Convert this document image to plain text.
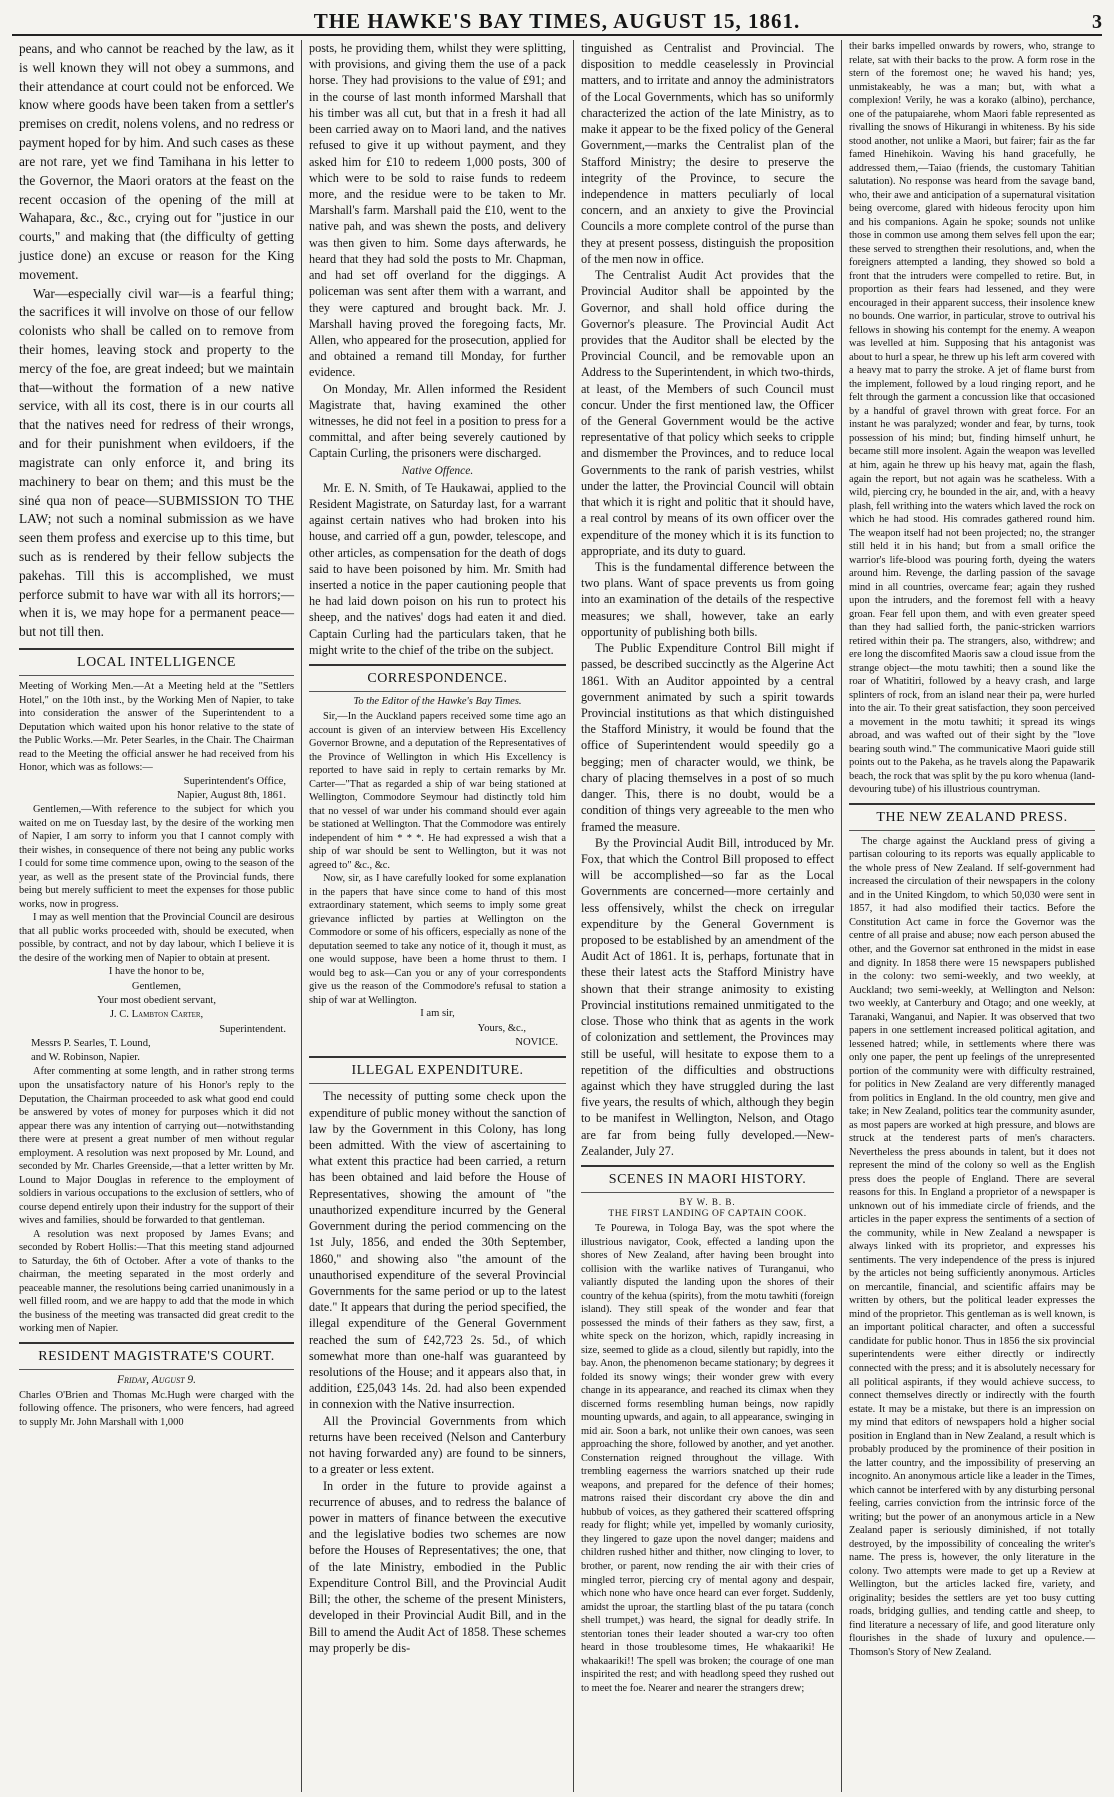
THE HAWKE'S BAY TIMES, AUGUST 15, 1861.	3

peans, and who cannot be reached by the law, as it is well known they will not obey a summons, and their attendance at court could not be enforced. We know where goods have been taken from a settler's premises on credit, nolens volens, and no redress or payment hoped for by him. And such cases as these are not rare, yet we find Tamihana in his letter to the Governor, the Maori orators at the feast on the recent occasion of the opening of the mill at Wahapara, &c., &c., crying out for "justice in our courts," and making that (the difficulty of getting justice done) an excuse or reason for the King movement.

War—especially civil war—is a fearful thing; the sacrifices it will involve on those of our fellow colonists who shall be called on to remove from their homes, leaving stock and property to the mercy of the foe, are great indeed; but we maintain that—without the formation of a new native service, with all its cost, there is in our courts all that the natives need for redress of their wrongs, and for their punishment when evildoers, if the magistrate can only enforce it, and bring its machinery to bear on them; and this must be the siné qua non of peace—SUBMISSION TO THE LAW; not such a nominal submission as we have seen them profess and exercise up to this time, but such as is rendered by their fellow subjects the pakehas. Till this is accomplished, we must perforce submit to have war with all its horrors;—when it is, we may hope for a permanent peace—but not till then.

LOCAL INTELLIGENCE

Meeting of Working Men.—At a Meeting held at the "Settlers Hotel," on the 10th inst., by the Working Men of Napier, to take into consideration the answer of the Superintendent to a Deputation which waited upon his honor relative to the state of the Public Works.—Mr. Peter Searles, in the Chair. The Chairman read to the Meeting the official answer he had received from his Honor, which was as follows:—

Superintendent's Office,
Napier, August 8th, 1861.

Gentlemen,—With reference to the subject for which you waited on me on Tuesday last, by the desire of the working men of Napier, I am sorry to inform you that I cannot comply with their wishes, in consequence of there not being any public works I could for some time commence upon, owing to the season of the year, as well as the present state of the Provincial funds, there being but merely sufficient to meet the expenses for those public works, now in progress.

I may as well mention that the Provincial Council are desirous that all public works proceeded with, should be executed, when possible, by contract, and not by day labour, which I believe it is the desire of the working men of Napier to obtain at present.

I have the honor to be,
Gentlemen,
Your most obedient servant,
J. C. Lambton Carter,
Superintendent.
Messrs P. Searles, T. Lound,
and W. Robinson, Napier.

After commenting at some length, and in rather strong terms upon the unsatisfactory nature of his Honor's reply to the Deputation, the Chairman proceeded to ask what good end could be answered by votes of money for purposes which it did not appear there was any intention of carrying out—notwithstanding there were at present a great number of men without regular employment. A resolution was next proposed by Mr. Lound, and seconded by Mr. Charles Greenside,—that a letter written by Mr. Lound to Major Douglas in reference to the employment of soldiers in various occupations to the exclusion of settlers, who of course depend entirely upon their industry for the support of their wives and families, should be forwarded to that gentleman.

A resolution was next proposed by James Evans; and seconded by Robert Hollis:—That this meeting stand adjourned to Saturday, the 6th of October. After a vote of thanks to the chairman, the meeting separated in the most orderly and peaceable manner, the resolutions being carried unanimously in a well filled room, and we are happy to add that the mode in which the business of the meeting was transacted did great credit to the working men of Napier.

RESIDENT MAGISTRATE'S COURT.
Friday, August 9.

Charles O'Brien and Thomas Mc.Hugh were charged with the following offence. The prisoners, who were fencers, had agreed to supply Mr. John Marshall with 1,000

posts, he providing them, whilst they were splitting, with provisions, and giving them the use of a pack horse. They had provisions to the value of £91; and in the course of last month informed Marshall that his timber was all cut, but that in a fresh it had all been carried away on to Maori land, and the natives refused to give it up without payment, and they asked him for £10 to redeem 1,000 posts, 300 of which were to be sold to raise funds to redeem more, and the residue were to be taken to Mr. Marshall's farm. Marshall paid the £10, went to the native pah, and was shewn the posts, and delivery was then given to him. Some days afterwards, he heard that they had sold the posts to Mr. Chapman, and had set off overland for the diggings. A policeman was sent after them with a warrant, and they were captured and brought back. Mr. J. Marshall having proved the foregoing facts, Mr. Allen, who appeared for the prosecution, applied for and obtained a remand till Monday, for further evidence.

On Monday, Mr. Allen informed the Resident Magistrate that, having examined the other witnesses, he did not feel in a position to press for a committal, and after being severely cautioned by Captain Curling, the prisoners were discharged.

Native Offence.

Mr. E. N. Smith, of Te Haukawai, applied to the Resident Magistrate, on Saturday last, for a warrant against certain natives who had broken into his house, and carried off a gun, powder, telescope, and other articles, as compensation for the death of dogs said to have been poisoned by him. Mr. Smith had inserted a notice in the paper cautioning people that he had laid down poison on his run to protect his sheep, and the natives' dogs had eaten it and died. Captain Curling had the particulars taken, that he might write to the chief of the tribe on the subject.

CORRESPONDENCE.
To the Editor of the Hawke's Bay Times.

Sir,—In the Auckland papers received some time ago an account is given of an interview between His Excellency Governor Browne, and a deputation of the Representatives of the Province of Wellington in which His Excellency is reported to have said in reply to certain remarks by Mr. Carter—"That as regarded a ship of war being stationed at Wellington, Commodore Seymour had distinctly told him that no vessel of war under his command should ever again be stationed at Wellington. That the Commodore was entirely independent of him * * *. He had expressed a wish that a ship of war should be sent to Wellington, but it was not agreed to" &c., &c.

Now, sir, as I have carefully looked for some explanation in the papers that have since come to hand of this most extraordinary statement, which seems to imply some great grievance inflicted by parties at Wellington on the Commodore or some of his officers, especially as none of the deputation seemed to take any notice of it, though it must, as one would suppose, have been a home thrust to them. I would beg to ask—Can you or any of your correspondents give us the reason of the Commodore's refusal to station a ship of war at Wellington.

I am sir,
Yours, &c.,
NOVICE.
ILLEGAL EXPENDITURE.

The necessity of putting some check upon the expenditure of public money without the sanction of law by the Government in this Colony, has long been admitted. With the view of ascertaining to what extent this practice had been carried, a return has been obtained and laid before the House of Representatives, showing the amount of "the unauthorized expenditure incurred by the General Government during the period commencing on the 1st July, 1856, and ended the 30th September, 1860," and showing also "the amount of the unauthorised expenditure of the several Provincial Governments for the same period or up to the latest date." It appears that during the period specified, the illegal expenditure of the General Government reached the sum of £42,723 2s. 5d., of which somewhat more than one-half was guaranteed by resolutions of the House; and it appears also that, in addition, £25,043 14s. 2d. had also been expended in connexion with the Native insurrection.

All the Provincial Governments from which returns have been received (Nelson and Canterbury not having forwarded any) are found to be sinners, to a greater or less extent.

In order in the future to provide against a recurrence of abuses, and to redress the balance of power in matters of finance between the executive and the legislative bodies two schemes are now before the Houses of Representatives; the one, that of the late Ministry, embodied in the Public Expenditure Control Bill, and the Provincial Audit Bill; the other, the scheme of the present Ministers, developed in their Provincial Audit Bill, and in the Bill to amend the Audit Act of 1858. These schemes may properly be dis-

tinguished as Centralist and Provincial. The disposition to meddle ceaselessly in Provincial matters, and to irritate and annoy the administrators of the Local Governments, which has so uniformly characterized the action of the late Ministry, as to make it appear to be the fixed policy of the General Government,—marks the Centralist plan of the Stafford Ministry; the desire to preserve the integrity of the Province, to secure the independence in matters peculiarly of local concern, and an anxiety to give the Provincial Councils a more complete control of the purse than they at present possess, distinguish the proposition of the men now in office.

The Centralist Audit Act provides that the Provincial Auditor shall be appointed by the Governor, and shall hold office during the Governor's pleasure. The Provincial Audit Act provides that the Auditor shall be elected by the Provincial Council, and be removable upon an Address to the Superintendent, in which two-thirds, at least, of the Members of such Council must concur. Under the first mentioned law, the Officer of the General Government would be the active representative of that policy which seeks to cripple and dismember the Provinces, and to reduce local Governments to the rank of parish vestries, whilst under the latter, the Provincial Council will obtain that which it is right and politic that it should have, a real control by means of its own officer over the expenditure of the money which it is its function to appropriate, and its duty to guard.

This is the fundamental difference between the two plans. Want of space prevents us from going into an examination of the details of the respective measures; we shall, however, take an early opportunity of publishing both bills.

The Public Expenditure Control Bill might if passed, be described succinctly as the Algerine Act 1861. With an Auditor appointed by a central government animated by such a spirit towards Provincial institutions as that which distinguished the Stafford Ministry, it would be found that the office of Superintendent would speedily go a begging; men of character would, we think, be chary of placing themselves in a post of so much danger. This, there is no doubt, would be a condition of things very agreeable to the men who framed the measure.

By the Provincial Audit Bill, introduced by Mr. Fox, that which the Control Bill proposed to effect will be accomplished—so far as the Local Governments are concerned—more certainly and less offensively, whilst the check on irregular expenditure by the General Government is proposed to be established by an amendment of the Audit Act of 1861. It is, perhaps, fortunate that in these their latest acts the Stafford Ministry have shown that their strange animosity to existing Provincial institutions remained unmitigated to the close. Those who think that as agents in the work of colonization and settlement, the Provinces may still be useful, will hesitate to expose them to a repetition of the difficulties and obstructions against which they have struggled during the last five years, the results of which, although they begin to be manifest in Wellington, Nelson, and Otago are far from being fully developed.—New-Zealander, July 27.

SCENES IN MAORI HISTORY.
BY W. B. B.
THE FIRST LANDING OF CAPTAIN COOK.

Te Pourewa, in Tologa Bay, was the spot where the illustrious navigator, Cook, effected a landing upon the shores of New Zealand, after having been brought into collision with the warlike natives of Turanganui, who valiantly disputed the landing upon the shores of their country of the kehua (spirits), from the motu tawhiti (foreign island). They still speak of the wonder and fear that possessed the minds of their fathers as they saw, first, a white speck on the horizon, which, rapidly increasing in size, seemed to glide as a cloud, silently but rapidly, into the bay. Anon, the phenomenon became stationary; by degrees it folded its snowy wings; their wonder grew with every change in its appearance, and reached its climax when they discerned forms resembling human beings, now rapidly mounting upwards, and again, to all appearance, swinging in mid air. Soon a bark, not unlike their own canoes, was seen approaching the shore, followed by another, and yet another. Consternation reigned throughout the village. With trembling eagerness the warriors snatched up their rude weapons, and prepared for the defence of their homes; matrons raised their discordant cry above the din and hubbub of voices, as they gathered their scattered offspring ready for flight; while yet, impelled by womanly curiosity, they lingered to gaze upon the novel danger; maidens and children rushed hither and thither, now clinging to lover, to brother, or parent, now rending the air with their cries of mingled terror, piercing cry of mental agony and despair, which none who have once heard can ever forget. Suddenly, amidst the uproar, the startling blast of the pu tatara (conch shell trumpet,) was heard, the signal for deadly strife. In stentorian tones their leader shouted a war-cry too often heard in those troublesome times, He whakaariki! He whakaariki!! The spell was broken; the courage of one man inspirited the rest; and with headlong speed they rushed out to meet the foe. Nearer and nearer the strangers drew;

their barks impelled onwards by rowers, who, strange to relate, sat with their backs to the prow. A form rose in the stern of the foremost one; he waved his hand; yes, unmistakeably, he was a man; but, with what a complexion! Verily, he was a korako (albino), perchance, one of the patupaiarehe, whom Maori fable represented as rivalling the snows of Hikurangi in whiteness. By his side stood another, not unlike a Maori, but fairer; fair as the far famed Hinehikoin. Waving his hand gracefully, he addressed them,—Taiao (friends, the customary Tahitian salutation). No response was heard from the savage band, who, their awe and anticipation of a supernatural visitation being overcome, glared with hideous ferocity upon him and his companions. Again he spoke; sounds not unlike those in common use among them selves fell upon the ear; these served to strengthen their resolutions, and, when the foreigners attempted a landing, they showed so bold a front that the intruders were compelled to retire. But, in proportion as their fears had lessened, and they were encouraged in their apparent success, their insolence knew no bounds. One warrior, in particular, strove to outrival his fellows in showing his contempt for the enemy. A weapon was levelled at him. Supposing that his antagonist was about to hurl a spear, he threw up his left arm covered with a heavy mat to parry the stroke. A jet of flame burst from the implement, followed by a loud ringing report, and he felt through the garment a concussion like that occasioned by a handful of gravel thrown with great force. For an instant he was paralyzed; wonder and fear, by turns, took possession of his mind; but, finding himself unhurt, he became still more insolent. Again the weapon was levelled at him, again he threw up his heavy mat, again the flash, again the report, but not again was he scatheless. With a wild, piercing cry, he bounded in the air, and, with a heavy plash, fell writhing into the waters which laved the rock on which he had stood. His comrades gathered round him. The weapon itself had not been projected; no, the stranger still held it in his hand; but from a small orifice the warrior's life-blood was pouring forth, dyeing the waters around him. Revenge, the darling passion of the savage mind in all countries, overcame fear; again they rushed upon the intruders, and the foremost fell with a heavy groan. Fear fell upon them, and with even greater speed than they had sallied forth, the panic-stricken warriors retired within their pa. The strangers, also, withdrew; and ere long the discomfited Maoris saw a cloud issue from the strange object—the motu tawhiti; then a sound like the roar of Whatitiri, followed by a heavy crash, and large splinters of rock, from an island near their pa, were hurled into the air. To their great satisfaction, they soon perceived a movement in the motu tawhiti; it spread its wings abroad, and was wafted out of their sight by the "love bearing south wind." The communicative Maori guide still points out to the Pakeha, as he travels along the Papawarik beach, the rock that was split by the pu koro whenua (land-devouring tube) of his illustrious countryman.

THE NEW ZEALAND PRESS.

The charge against the Auckland press of giving a partisan colouring to its reports was equally applicable to the whole press of New Zealand. If self-government had increased the circulation of their newspapers in the colony and in the United Kingdom, to which 50,030 were sent in 1857, it had also modified their tactics. Before the Constitution Act came in force the Governor was the centre of all praise and abuse; now each person abused the other, and the Governor sat enthroned in the midst in ease and dignity. In 1858 there were 15 newspapers published in the colony: two semi-weekly, and two weekly, at Auckland; two semi-weekly, at Wellington and Nelson: two weekly, at Canterbury and Otago; and one weekly, at Taranaki, Wanganui, and Napier. It was observed that two papers in one settlement increased political agitation, and lessened hatred; while, in settlements where there was only one paper, the pent up feelings of the unrepresented portion of the community were with difficulty restrained, for politics in New Zealand are very differently managed from politics in England. In the old country, men give and take; in New Zealand, politics tear the community asunder, as most papers are worked at high pressure, and blows are struck at the tenderest parts of men's characters. Nevertheless the press abounds in talent, but it does not represent the mind of the colony so well as the English press does the people of England. There are several reasons for this. In England a proprietor of a newspaper is unknown out of his immediate circle of friends, and the articles in the paper express the sentiments of a section of the community, while in New Zealand a newspaper is always linked with its proprietor, and expresses his sentiments. The very independence of the press is injured by the articles not being sufficiently anonymous. Articles on mercantile, financial, and scientific affairs may be written by others, but the political leader expresses the mind of the proprietor. This gentleman as is well known, is an important political character, and often a successful candidate for public honor. Thus in 1856 the six provincial superintendents were either directly or indirectly connected with the press; and it is absolutely necessary for all political aspirants, if they would achieve success, to connect themselves directly or indirectly with the fourth estate. It may be a mistake, but there is an impression on my mind that editors of newspapers hold a higher social position in England than in New Zealand, a result which is probably produced by the prominence of their position in the latter country, and the impossibility of preserving an incognito. An anonymous article like a leader in the Times, which cannot be interfered with by any disturbing personal feeling, carries conviction from the intrinsic force of the writing; but the power of an anonymous article in a New Zealand paper is seriously diminished, if not totally destroyed, by the impossibility of concealing the writer's name. The press is, however, the only literature in the colony. Two attempts were made to get up a Review at Wellington, but the articles lacked fire, variety, and originality; besides the settlers are yet too busy cutting roads, bridging gullies, and tending cattle and sheep, to find literature a necessary of life, and good literature only flourishes in the shade of luxury and opulence.—Thomson's Story of New Zealand.
